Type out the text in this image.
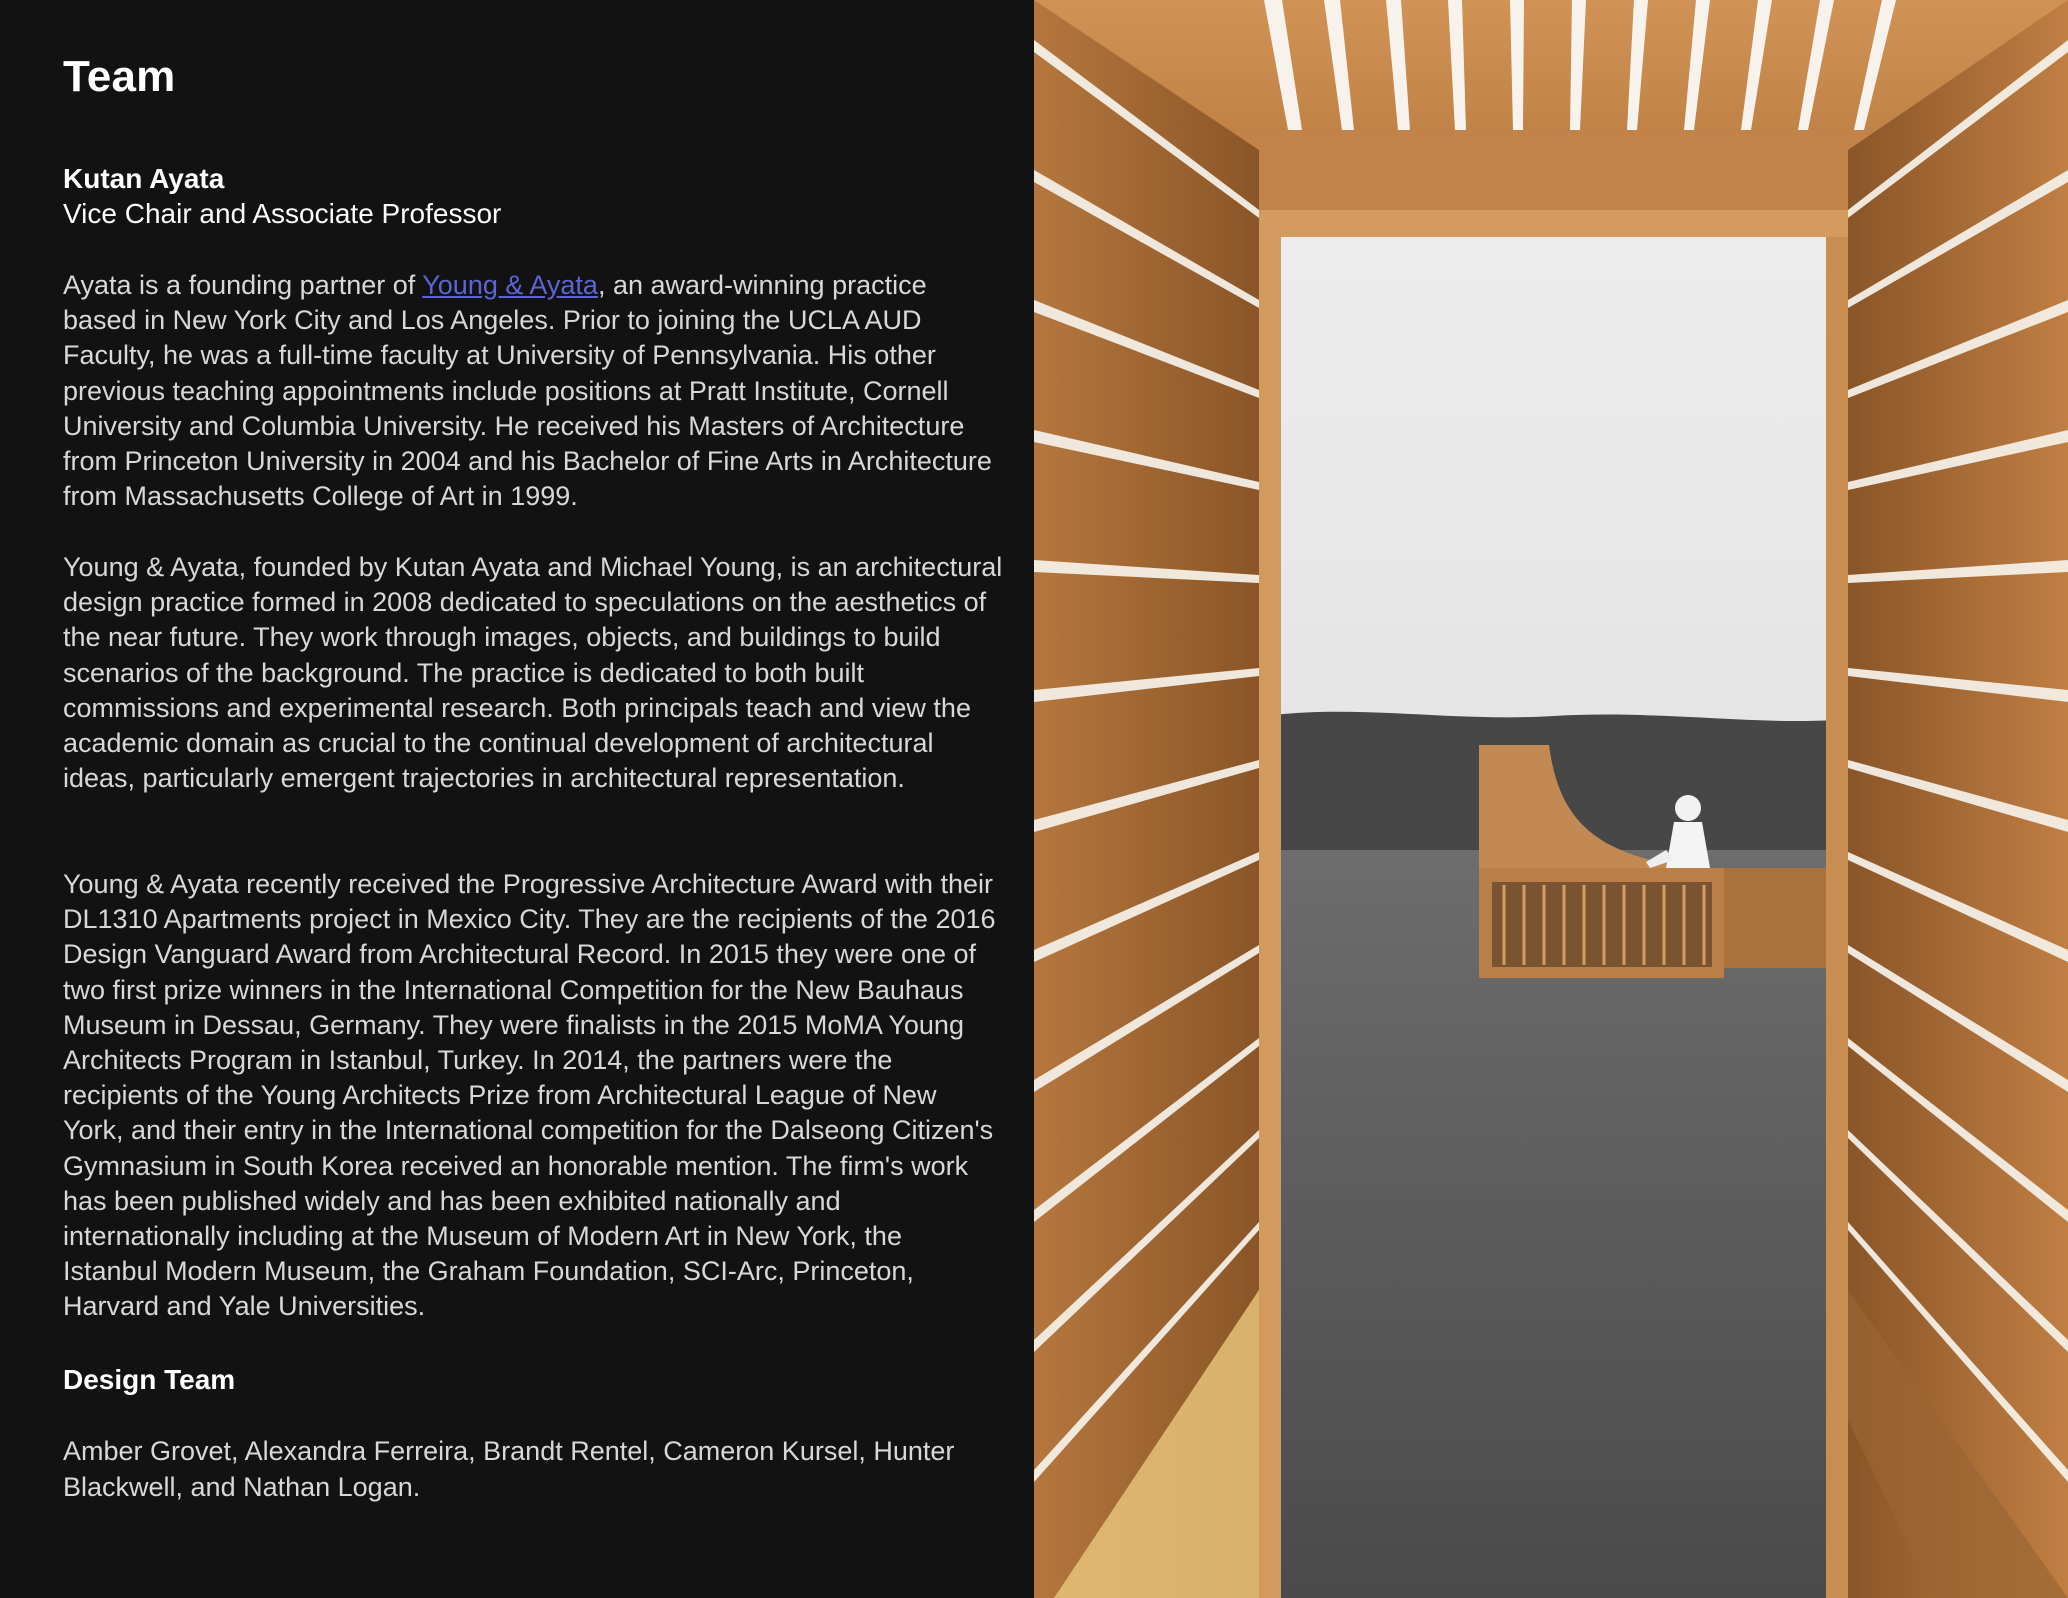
Team
Kutan Ayata
Vice Chair and Associate Professor

Ayata is a founding partner of Young & Ayata, an award-winning practice based in New York City and Los Angeles. Prior to joining the UCLA AUD Faculty, he was a full-time faculty at University of Pennsylvania. His other previous teaching appointments include positions at Pratt Institute, Cornell University and Columbia University. He received his Masters of Architecture from Princeton University in 2004 and his Bachelor of Fine Arts in Architecture from Massachusetts College of Art in 1999.

Young & Ayata, founded by Kutan Ayata and Michael Young, is an architectural design practice formed in 2008 dedicated to speculations on the aesthetics of the near future. They work through images, objects, and buildings to build scenarios of the background. The practice is dedicated to both built commissions and experimental research. Both principals teach and view the academic domain as crucial to the continual development of architectural ideas, particularly emergent trajectories in architectural representation.

Young & Ayata recently received the Progressive Architecture Award with their DL1310 Apartments project in Mexico City. They are the recipients of the 2016 Design Vanguard Award from Architectural Record. In 2015 they were one of two first prize winners in the International Competition for the New Bauhaus Museum in Dessau, Germany. They were finalists in the 2015 MoMA Young Architects Program in Istanbul, Turkey. In 2014, the partners were the recipients of the Young Architects Prize from Architectural League of New York, and their entry in the International competition for the Dalseong Citizen's Gymnasium in South Korea received an honorable mention. The firm's work has been published widely and has been exhibited nationally and internationally including at the Museum of Modern Art in New York, the Istanbul Modern Museum, the Graham Foundation, SCI-Arc, Princeton, Harvard and Yale Universities.

Design Team

Amber Grovet, Alexandra Ferreira, Brandt Rentel, Cameron Kursel, Hunter Blackwell, and Nathan Logan.
